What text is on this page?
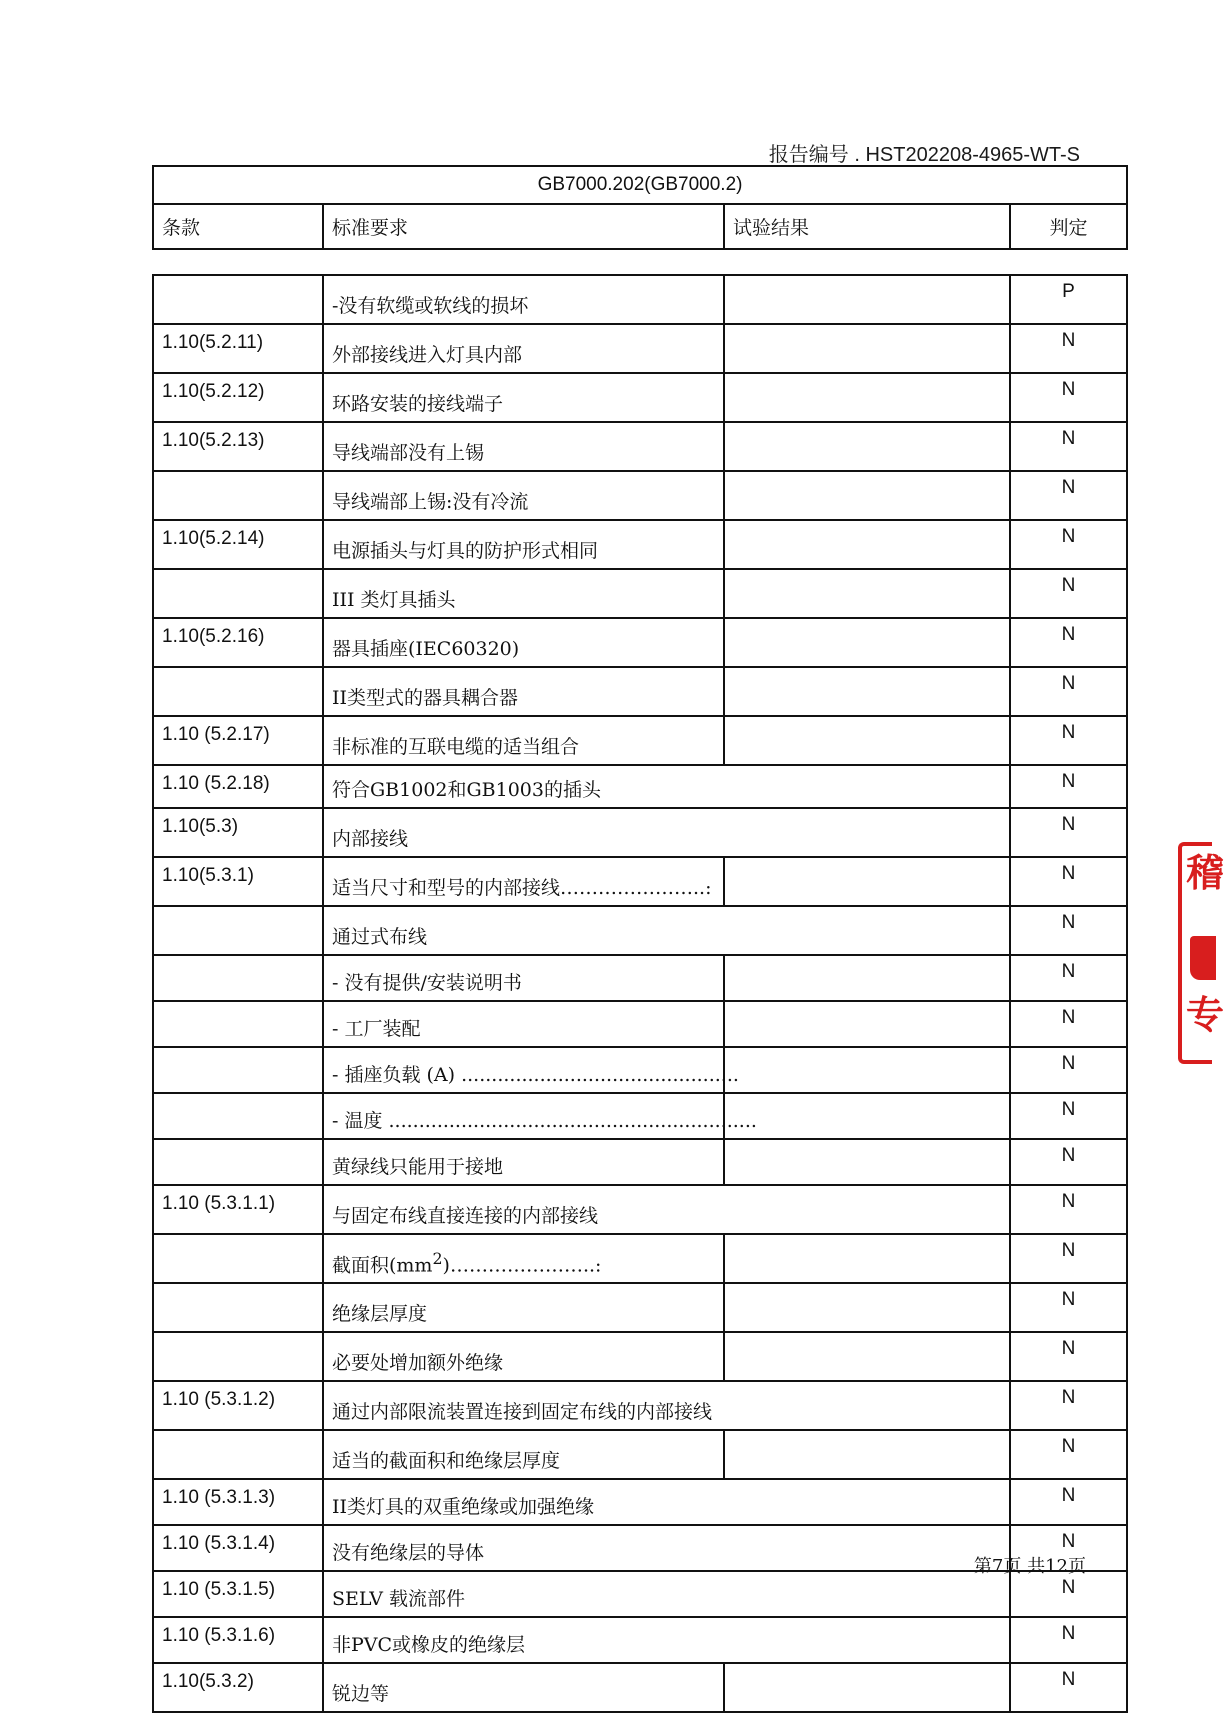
报告编号 . HST202208-4965-WT-S
GB7000.202(GB7000.2)
条款	标准要求	试验结果	判定
	-没有软缆或软线的损坏		P
1.10(5.2.11)	外部接线进入灯具内部		N
1.10(5.2.12)	环路安装的接线端子		N
1.10(5.2.13)	导线端部没有上锡		N
	导线端部上锡:没有冷流		N
1.10(5.2.14)	电源插头与灯具的防护形式相同		N
	III 类灯具插头		N
1.10(5.2.16)	器具插座(IEC60320)		N
	II类型式的器具耦合器		N
1.10 (5.2.17)	非标准的互联电缆的适当组合		N
1.10 (5.2.18)	符合GB1002和GB1003的插头		N
1.10(5.3)	内部接线		N
1.10(5.3.1)	适当尺寸和型号的内部接线…………………..:		N
	通过式布线		N
	- 没有提供/安装说明书		N
	- 工厂装配		N
	- 插座负载 (A) ..............................................		N
	- 温度 .............................................................		N
	黄绿线只能用于接地		N
1.10 (5.3.1.1)	与固定布线直接连接的内部接线		N
	截面积$(mm^2)\dots\dots\dots\dots\dots\dots\dots$..:		N
	绝缘层厚度		N
	必要处增加额外绝缘		N
1.10 (5.3.1.2)	通过内部限流装置连接到固定布线的内部接线		N
	适当的截面积和绝缘层厚度		N
1.10 (5.3.1.3)	II类灯具的双重绝缘或加强绝缘		N
1.10 (5.3.1.4)	没有绝缘层的导体		N
1.10 (5.3.1.5)	SELV 载流部件		N
1.10 (5.3.1.6)	非PVC或橡皮的绝缘层		N
1.10(5.3.2)	锐边等		N
第7页 共12页
稽
专
